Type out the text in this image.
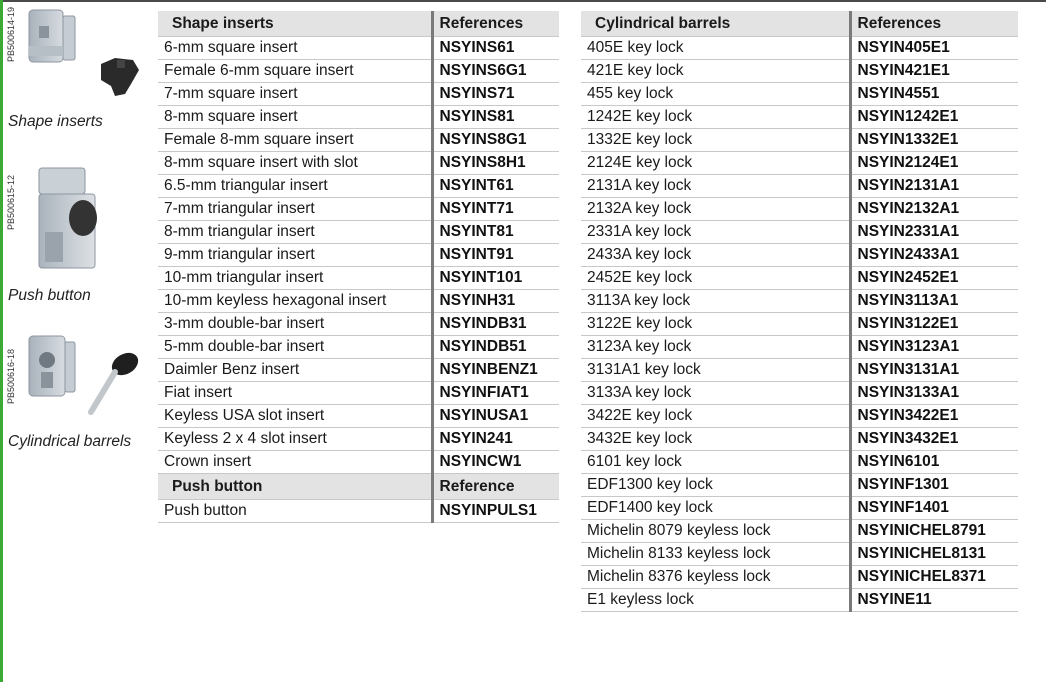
PB500614-19
Shape inserts
PB500615-12
Push button
PB500616-18
Cylindrical barrels
Shape inserts	References
6-mm square insert	NSYINS61
Female 6-mm square insert	NSYINS6G1
7-mm square insert	NSYINS71
8-mm square insert	NSYINS81
Female 8-mm square insert	NSYINS8G1
8-mm square insert with slot	NSYINS8H1
6.5-mm triangular insert	NSYINT61
7-mm triangular insert	NSYINT71
8-mm triangular insert	NSYINT81
9-mm triangular insert	NSYINT91
10-mm triangular insert	NSYINT101
10-mm keyless hexagonal insert	NSYINH31
3-mm double-bar insert	NSYINDB31
5-mm double-bar insert	NSYINDB51
Daimler Benz insert	NSYINBENZ1
Fiat insert	NSYINFIAT1
Keyless USA slot insert	NSYINUSA1
Keyless 2 x 4 slot insert	NSYIN241
Crown insert	NSYINCW1
Push button	Reference
Push button	NSYINPULS1
Cylindrical barrels	References
405E key lock	NSYIN405E1
421E key lock	NSYIN421E1
455 key lock	NSYIN4551
1242E key lock	NSYIN1242E1
1332E key lock	NSYIN1332E1
2124E key lock	NSYIN2124E1
2131A key lock	NSYIN2131A1
2132A key lock	NSYIN2132A1
2331A key lock	NSYIN2331A1
2433A key lock	NSYIN2433A1
2452E key lock	NSYIN2452E1
3113A key lock	NSYIN3113A1
3122E key lock	NSYIN3122E1
3123A key lock	NSYIN3123A1
3131A1 key lock	NSYIN3131A1
3133A key lock	NSYIN3133A1
3422E key lock	NSYIN3422E1
3432E key lock	NSYIN3432E1
6101 key lock	NSYIN6101
EDF1300 key lock	NSYINF1301
EDF1400 key lock	NSYINF1401
Michelin 8079 keyless lock	NSYINICHEL8791
Michelin 8133 keyless lock	NSYINICHEL8131
Michelin 8376 keyless lock	NSYINICHEL8371
E1 keyless lock	NSYINE11
